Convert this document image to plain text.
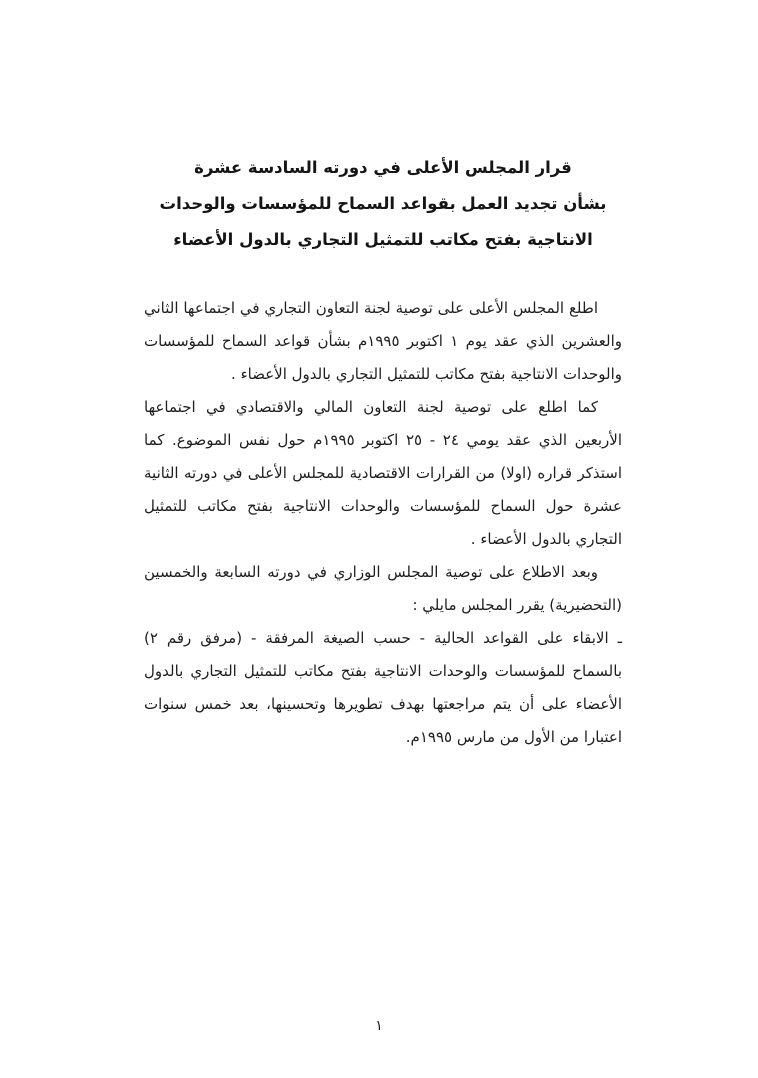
قرار المجلس الأعلى في دورته السادسة عشرة
بشأن تجديد العمل بقواعد السماح للمؤسسات والوحدات
الانتاجية بفتح مكاتب للتمثيل التجاري بالدول الأعضاء

اطلع المجلس الأعلى على توصية لجنة التعاون التجاري في اجتماعها الثاني والعشرين الذي عقد يوم ١ اكتوبر ١٩٩٥م بشأن قواعد السماح للمؤسسات والوحدات الانتاجية بفتح مكاتب للتمثيل التجاري بالدول الأعضاء .

كما اطلع على توصية لجنة التعاون المالي والاقتصادي في اجتماعها الأربعين الذي عقد يومي ٢٤ - ٢٥ اكتوبر ١٩٩٥م حول نفس الموضوع. كما استذكر قراره (اولا) من القرارات الاقتصادية للمجلس الأعلى في دورته الثانية عشرة حول السماح للمؤسسات والوحدات الانتاجية بفتح مكاتب للتمثيل التجاري بالدول الأعضاء .

وبعد الاطلاع على توصية المجلس الوزاري في دورته السابعة والخمسين (التحضيرية) يقرر المجلس مايلي :

ـ الابقاء على القواعد الحالية - حسب الصيغة المرفقة - (مرفق رقم ٢) بالسماح للمؤسسات والوحدات الانتاجية بفتح مكاتب للتمثيل التجاري بالدول الأعضاء على أن يتم مراجعتها بهدف تطويرها وتحسينها، بعد خمس سنوات اعتبارا من الأول من مارس ١٩٩٥م.

١
